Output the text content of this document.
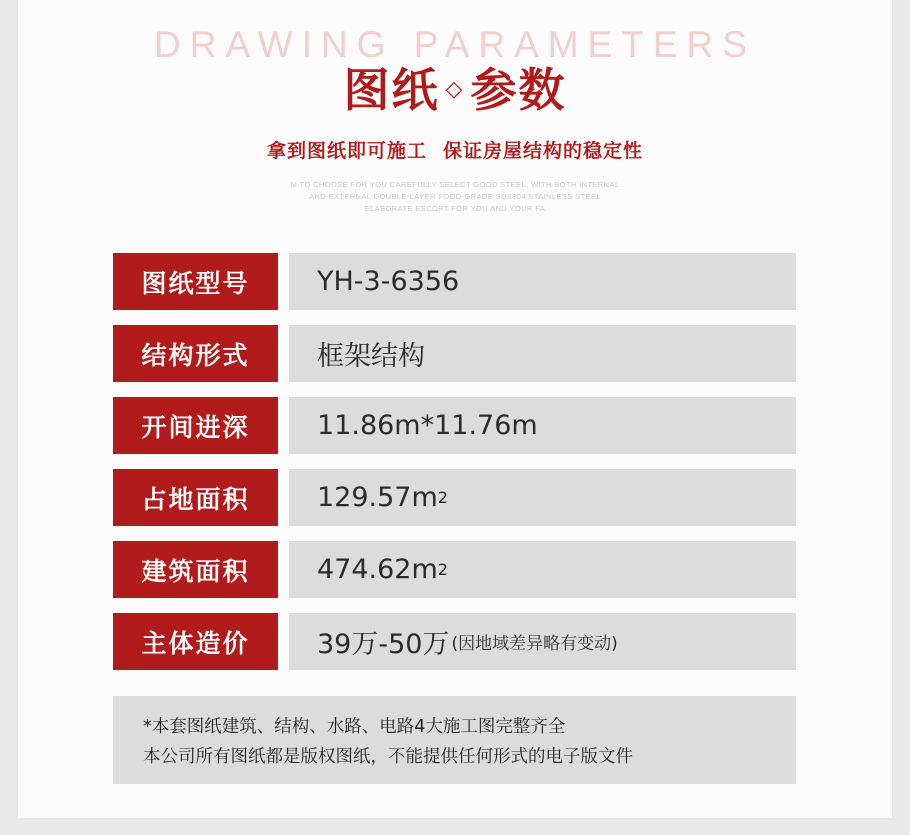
DRAWING PARAMETERS
图纸 ◇ 参数
拿到图纸即可施工 保证房屋结构的稳定性
M TO CHOOSE FOR YOU CAREFULLY SELECT GOOD STEEL, WITH BOTH INTERNAL
AND EXTERNAL DOUBLE-LAYER FOOD-GRADE SUS304 STAINLESS STEEL
ELABORATE ESCORT FOR YOU AND YOUR FA
图纸型号	YH-3-6356
结构形式	框架结构
开间进深	11.86m*11.76m
占地面积	129.57m 2
建筑面积	474.62m 2
主体造价	39万-50万 (因地域差异略有变动)
*本套图纸建筑、结构、水路、电路4大施工图完整齐全
本公司所有图纸都是版权图纸，不能提供任何形式的电子版文件
